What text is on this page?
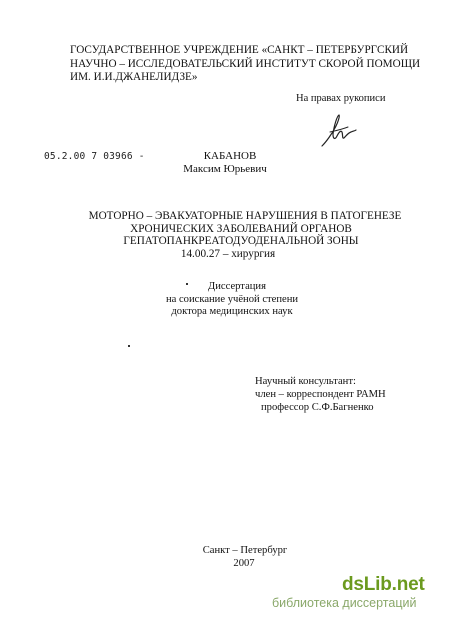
ГОСУДАРСТВЕННОЕ УЧРЕЖДЕНИЕ «САНКТ – ПЕТЕРБУРГСКИЙ
НАУЧНО – ИССЛЕДОВАТЕЛЬСКИЙ ИНСТИТУТ СКОРОЙ ПОМОЩИ
ИМ. И.И.ДЖАНЕЛИДЗЕ»
На правах рукописи
05.2.00 7 03966 -	КАБАНОВ
Максим Юрьевич
МОТОРНО – ЭВАКУАТОРНЫЕ НАРУШЕНИЯ В ПАТОГЕНЕЗЕ
ХРОНИЧЕСКИХ ЗАБОЛЕВАНИЙ ОРГАНОВ
ГЕПАТОПАНКРЕАТОДУОДЕНАЛЬНОЙ ЗОНЫ
14.00.27 – хирургия
Диссертация
на соискание учёной степени
доктора медицинских наук
Научный консультант:
член – корреспондент РАМН
профессор С.Ф.Багненко
Санкт – Петербург
2007
dsLib.net
библиотека диссертаций
